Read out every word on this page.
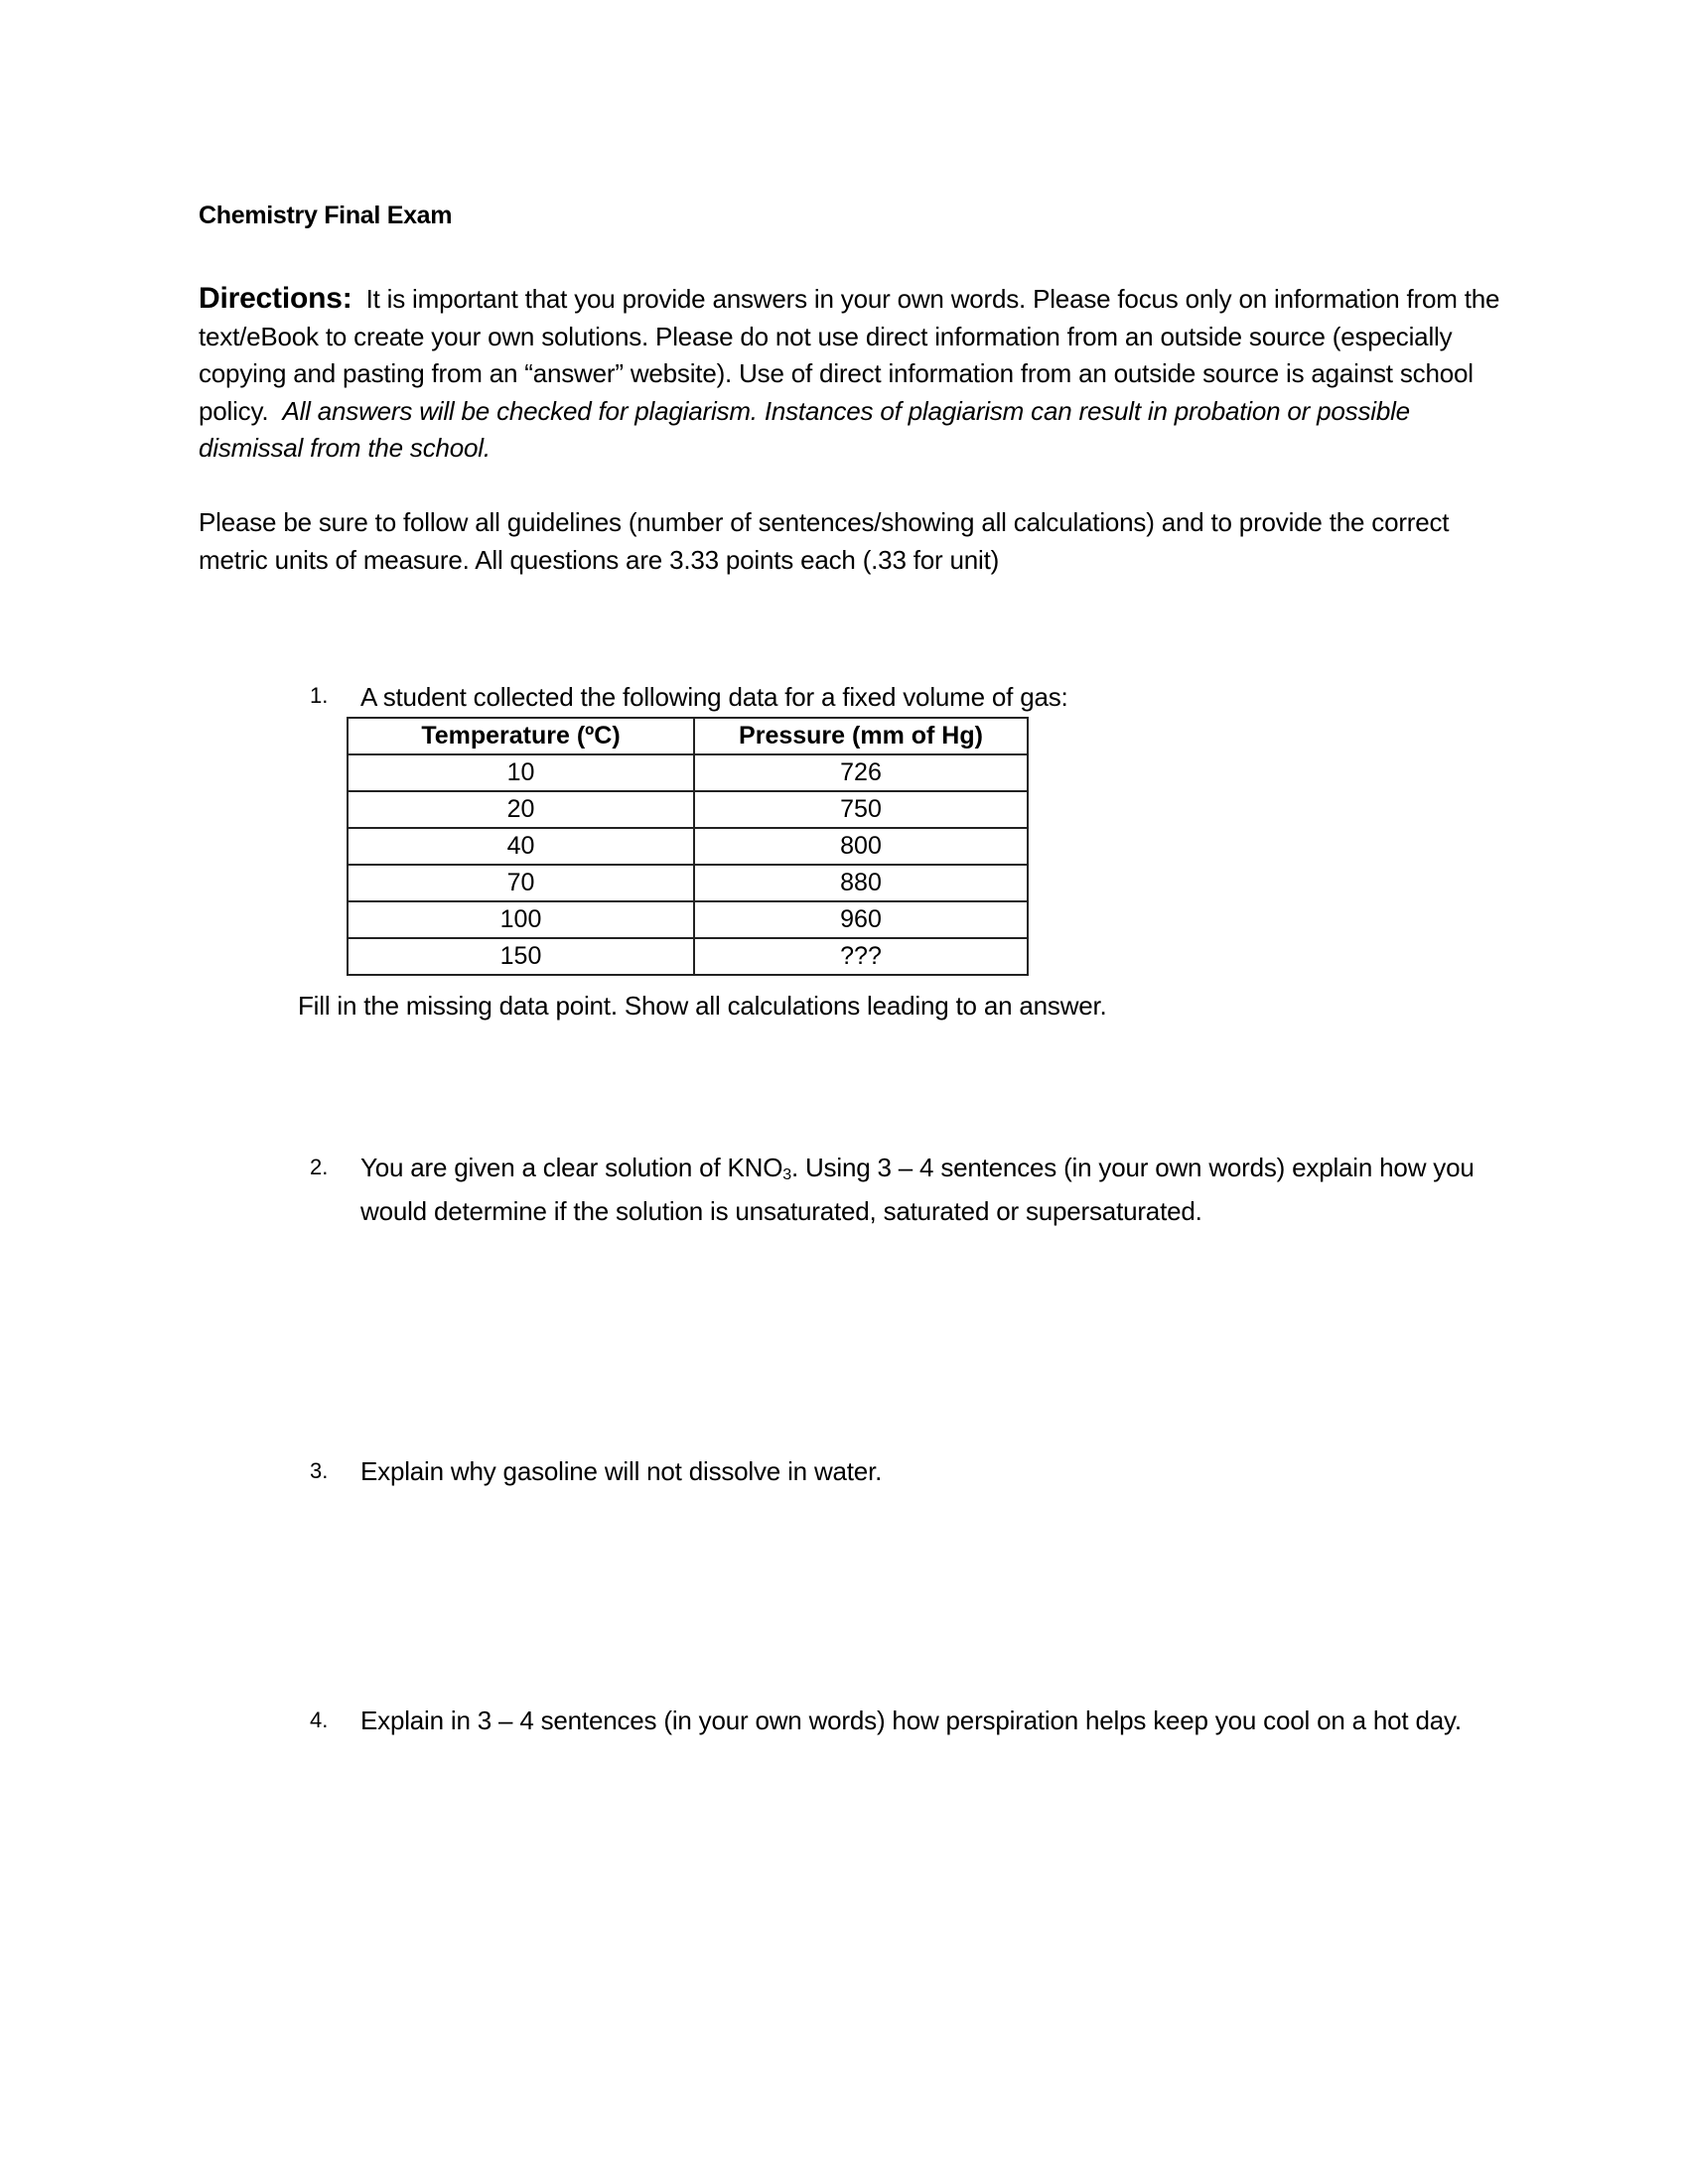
Chemistry Final Exam

Directions: It is important that you provide answers in your own words. Please focus only on information from the text/eBook to create your own solutions. Please do not use direct information from an outside source (especially copying and pasting from an “answer” website). Use of direct information from an outside source is against school policy. All answers will be checked for plagiarism. Instances of plagiarism can result in probation or possible dismissal from the school.

Please be sure to follow all guidelines (number of sentences/showing all calculations) and to provide the correct metric units of measure. All questions are 3.33 points each (.33 for unit)

1. A student collected the following data for a fixed volume of gas:
Temperature (ºC)	Pressure (mm of Hg)
10	726
20	750
40	800
70	880
100	960
150	???
Fill in the missing data point. Show all calculations leading to an answer.
2. You are given a clear solution of $KNO_3$. Using 3 – 4 sentences (in your own words) explain how you would determine if the solution is unsaturated, saturated or supersaturated.
3. Explain why gasoline will not dissolve in water.
4. Explain in 3 – 4 sentences (in your own words) how perspiration helps keep you cool on a hot day.
